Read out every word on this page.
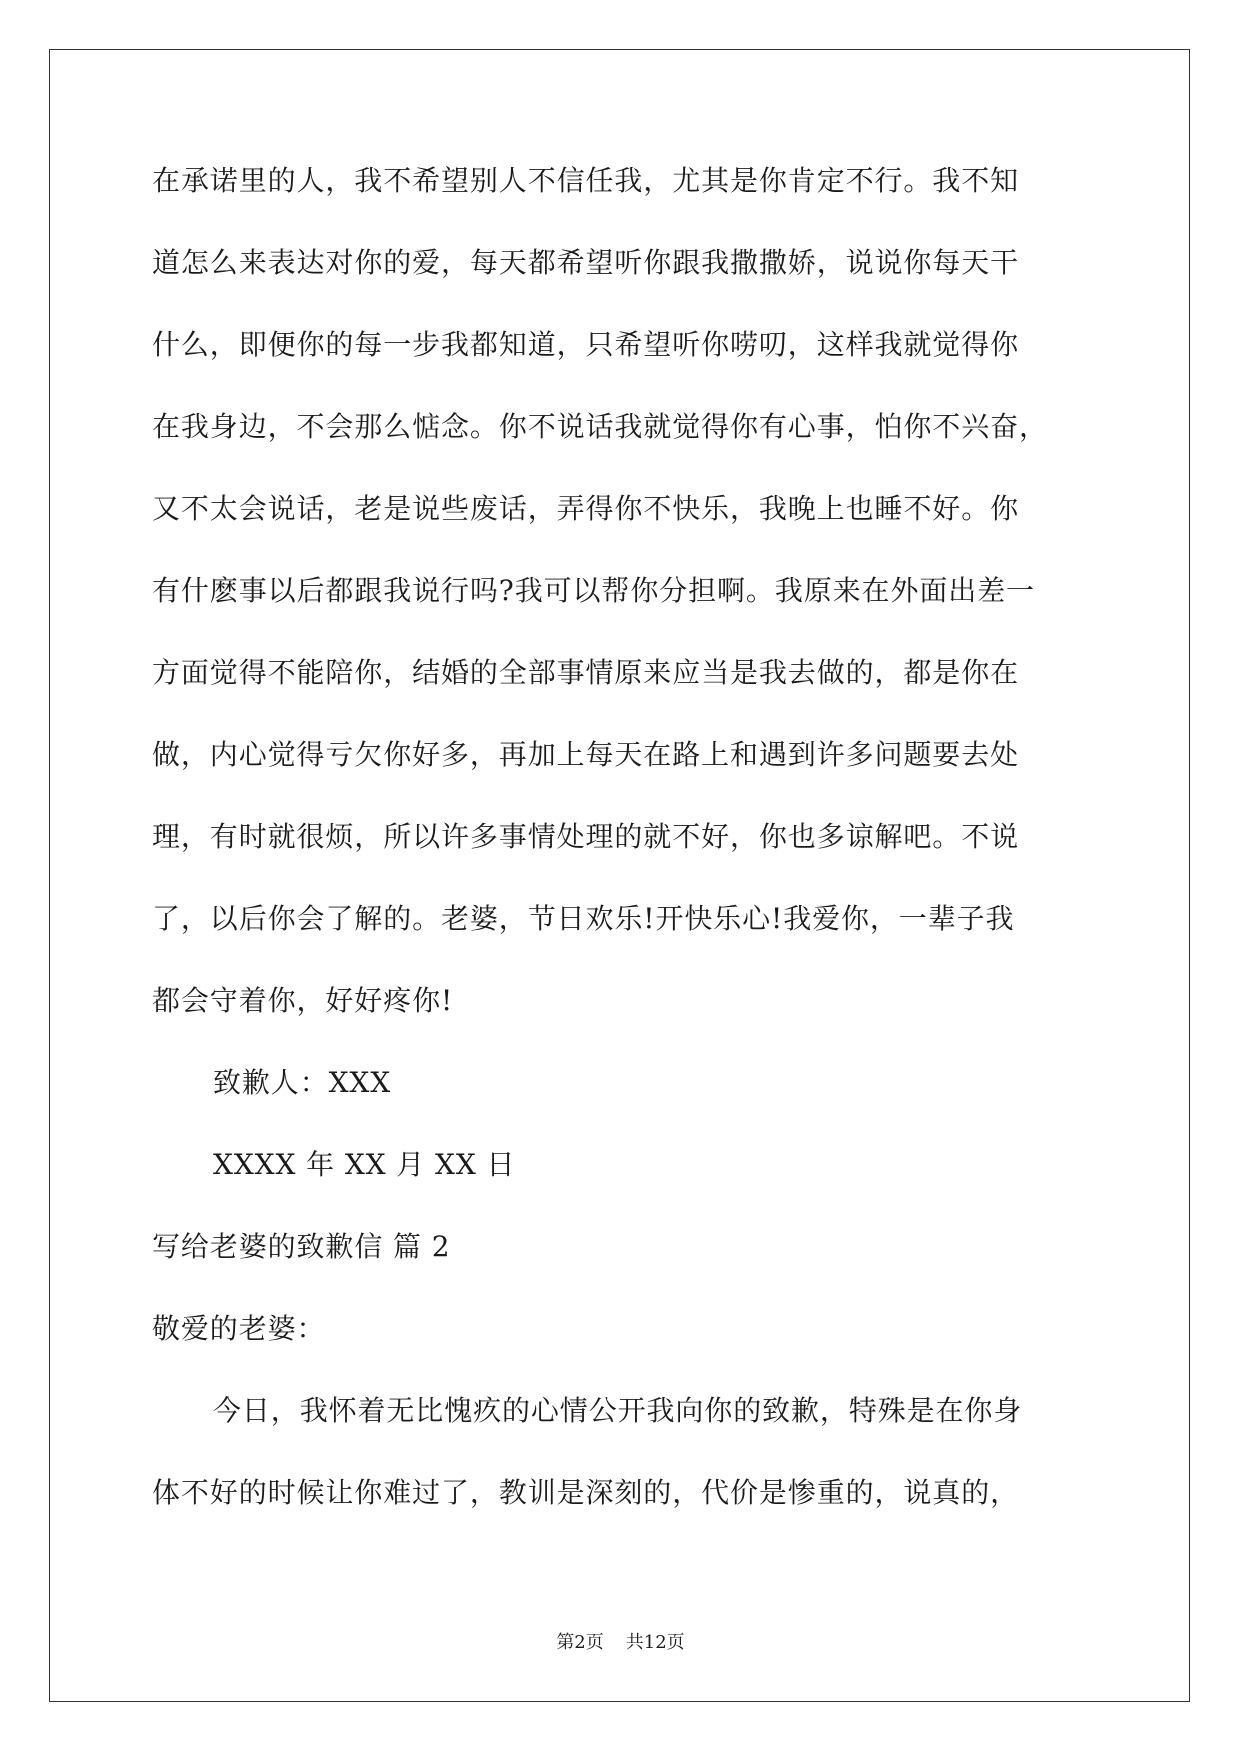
在承诺里的人，我不希望别人不信任我，尤其是你肯定不行。我不知
道怎么来表达对你的爱，每天都希望听你跟我撒撒娇，说说你每天干
什么，即便你的每一步我都知道，只希望听你唠叨，这样我就觉得你
在我身边，不会那么惦念。你不说话我就觉得你有心事，怕你不兴奋，
又不太会说话，老是说些废话，弄得你不快乐，我晚上也睡不好。你
有什麽事以后都跟我说行吗?我可以帮你分担啊。我原来在外面出差一
方面觉得不能陪你，结婚的全部事情原来应当是我去做的，都是你在
做，内心觉得亏欠你好多，再加上每天在路上和遇到许多问题要去处
理，有时就很烦，所以许多事情处理的就不好，你也多谅解吧。不说
了，以后你会了解的。老婆，节日欢乐!开快乐心!我爱你，一辈子我
都会守着你，好好疼你!
致歉人：XXX
XXXX 年 XX 月 XX 日
写给老婆的致歉信 篇 2
敬爱的老婆：
今日，我怀着无比愧疚的心情公开我向你的致歉，特殊是在你身
体不好的时候让你难过了，教训是深刻的，代价是惨重的，说真的，
第2页 共12页
